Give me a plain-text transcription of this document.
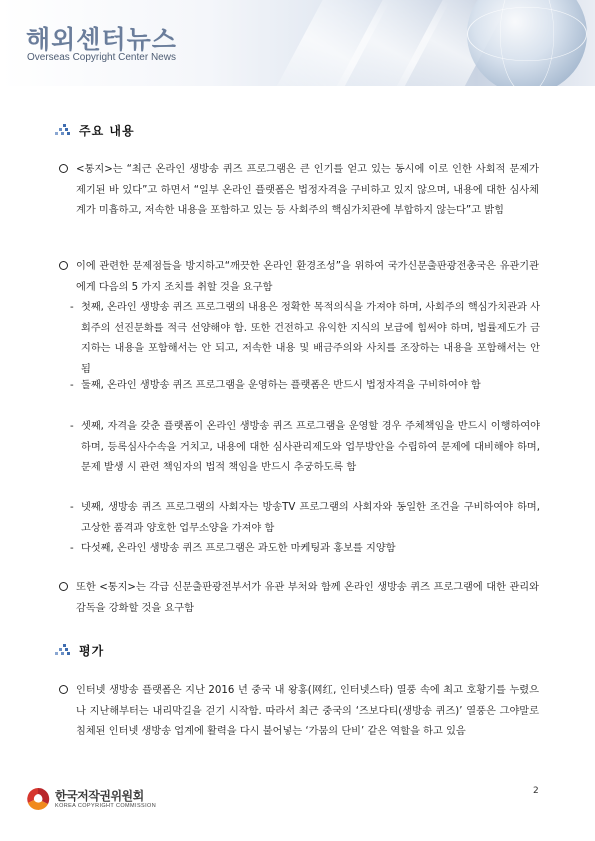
해외센터뉴스
Overseas Copyright Center News
주요 내용

<통지>는 “최근 온라인 생방송 퀴즈 프로그램은 큰 인기를 얻고 있는 동시에 이로 인한 사회적 문제가 제기된 바 있다”고 하면서 “일부 온라인 플랫폼은 법정자격을 구비하고 있지 않으며, 내용에 대한 심사체계가 미흡하고, 저속한 내용을 포함하고 있는 등 사회주의 핵심가치관에 부합하지 않는다”고 밝힘

이에 관련한 문제점들을 방지하고“깨끗한 온라인 환경조성”을 위하여 국가신문출판광전총국은 유관기관에게 다음의 5 가지 조치를 취할 것을 요구함

- 첫째, 온라인 생방송 퀴즈 프로그램의 내용은 정확한 목적의식을 가져야 하며, 사회주의 핵심가치관과 사회주의 선진문화를 적극 선양해야 함. 또한 건전하고 유익한 지식의 보급에 힘써야 하며, 법률제도가 금지하는 내용을 포함해서는 안 되고, 저속한 내용 및 배금주의와 사치를 조장하는 내용을 포함해서는 안 됨

- 둘째, 온라인 생방송 퀴즈 프로그램을 운영하는 플랫폼은 반드시 법정자격을 구비하여야 함

- 셋째, 자격을 갖춘 플랫폼이 온라인 생방송 퀴즈 프로그램을 운영할 경우 주체책임을 반드시 이행하여야 하며, 등록심사수속을 거치고, 내용에 대한 심사관리제도와 업무방안을 수립하여 문제에 대비해야 하며, 문제 발생 시 관련 책임자의 법적 책임을 반드시 추궁하도록 함

- 넷째, 생방송 퀴즈 프로그램의 사회자는 방송TV 프로그램의 사회자와 동일한 조건을 구비하여야 하며, 고상한 품격과 양호한 업무소양을 가져야 함

- 다섯째, 온라인 생방송 퀴즈 프로그램은 과도한 마케팅과 홍보를 지양함

또한 <통지>는 각급 신문출판광전부서가 유관 부처와 함께 온라인 생방송 퀴즈 프로그램에 대한 관리와 감독을 강화할 것을 요구함

평가

인터넷 생방송 플랫폼은 지난 2016 년 중국 내 왕홍(网红, 인터넷스타) 열풍 속에 최고 호황기를 누렸으나 지난해부터는 내리막길을 걷기 시작함. 따라서 최근 중국의 ‘즈보다티(생방송 퀴즈)’ 열풍은 그야말로 침체된 인터넷 생방송 업계에 활력을 다시 불어넣는 ‘가뭄의 단비’ 같은 역할을 하고 있음

한국저작권위원회
KOREA COPYRIGHT COMMISSION
2
